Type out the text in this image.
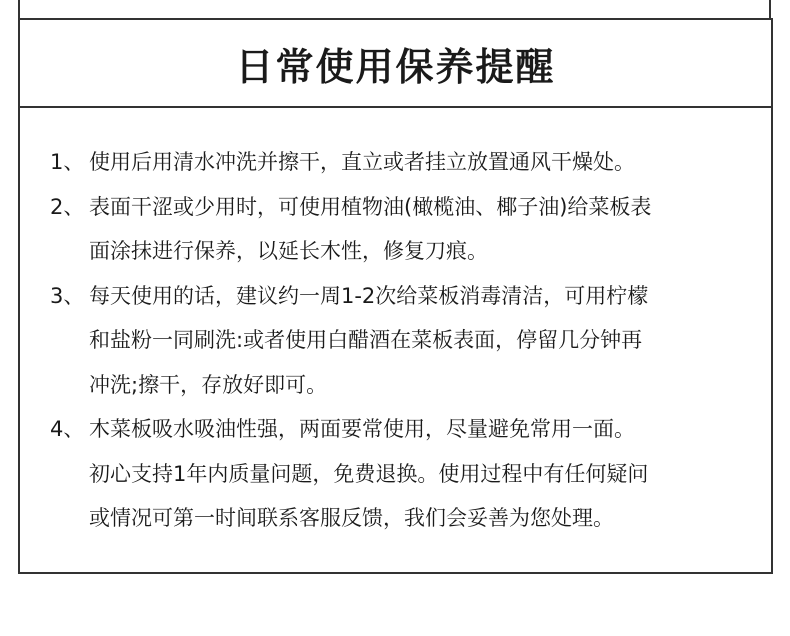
日常使用保养提醒
1、 使用后用清水冲洗并擦干，直立或者挂立放置通风干燥处。
2、 表面干涩或少用时，可使用植物油(橄榄油、椰子油)给菜板表
面涂抹进行保养，以延长木性，修复刀痕。
3、 每天使用的话，建议约一周1-2次给菜板消毒清洁，可用柠檬
和盐粉一同刷洗:或者使用白醋酒在菜板表面，停留几分钟再
冲洗;擦干，存放好即可。
4、 木菜板吸水吸油性强，两面要常使用，尽量避免常用一面。
初心支持1年内质量问题，免费退换。使用过程中有任何疑问
或情况可第一时间联系客服反馈，我们会妥善为您处理。
